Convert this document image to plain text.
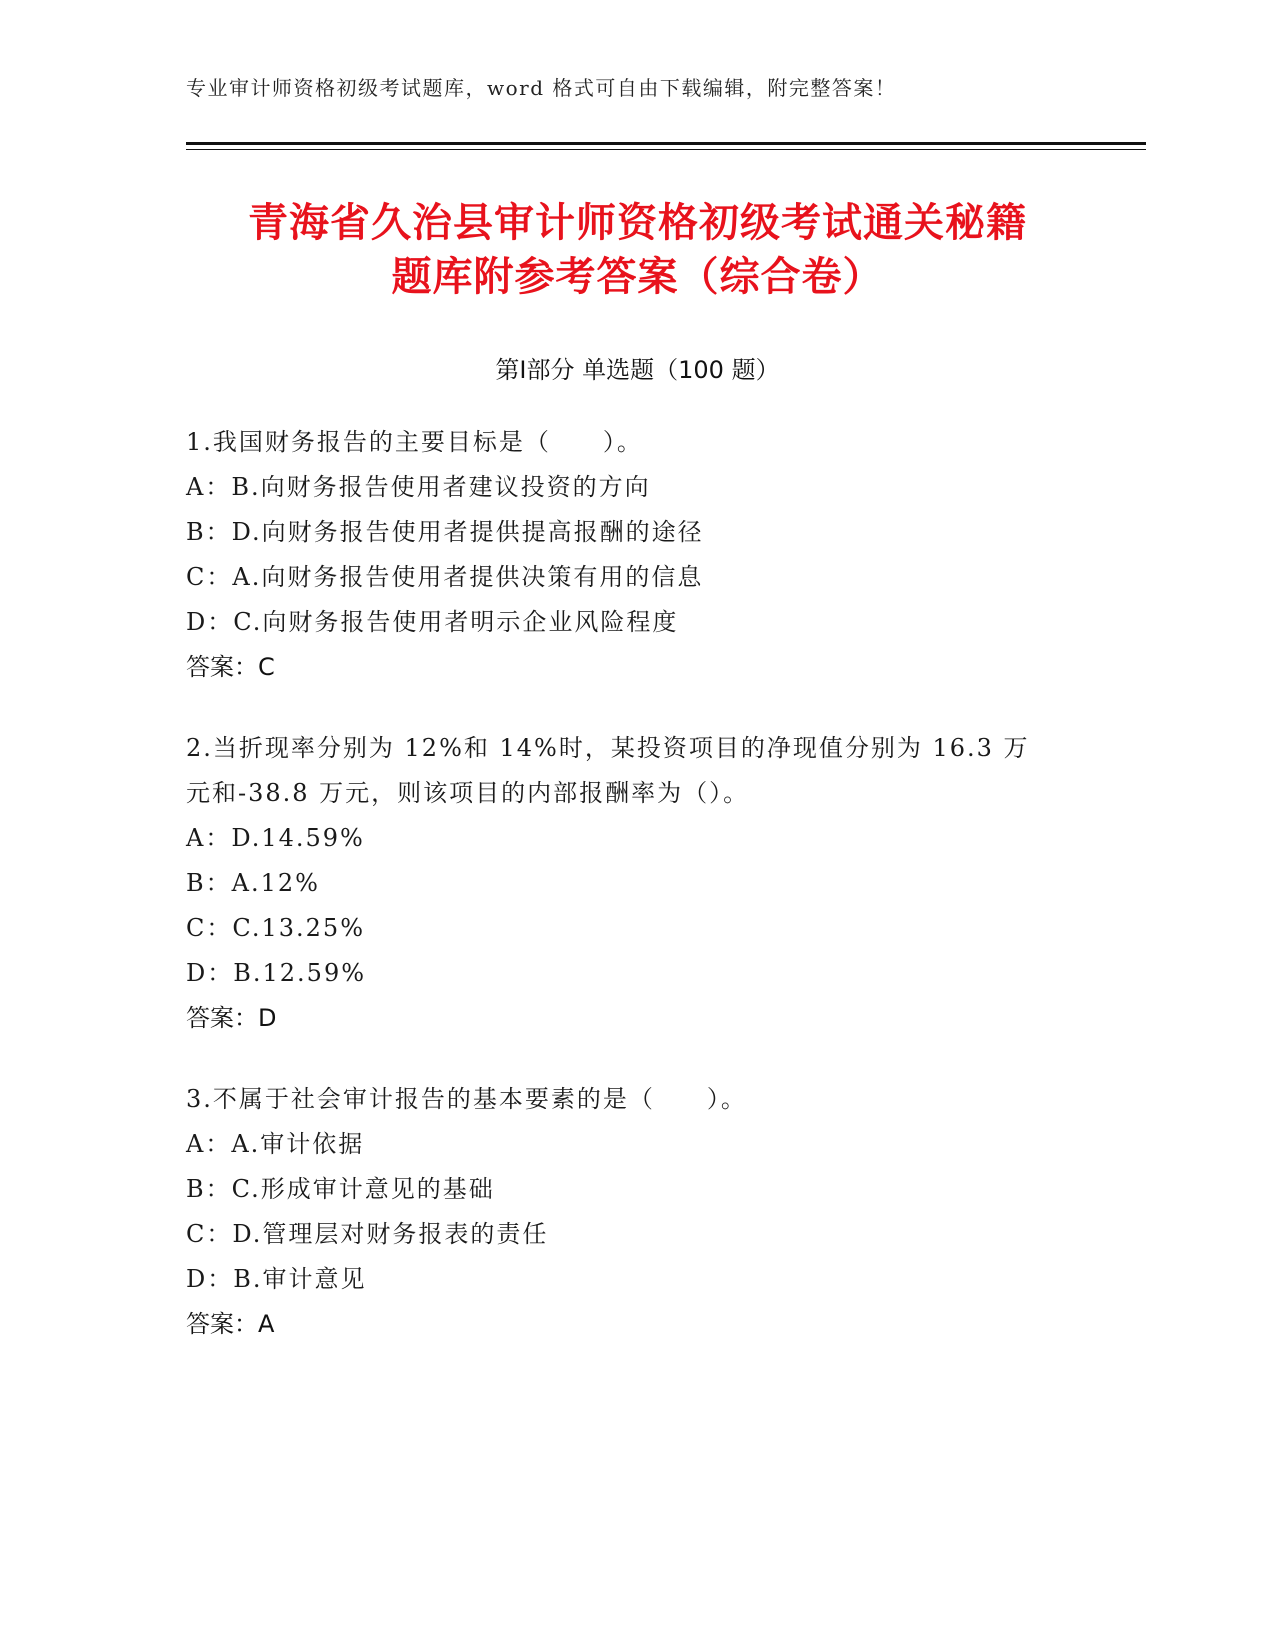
专业审计师资格初级考试题库，word 格式可自由下载编辑，附完整答案！
青海省久治县审计师资格初级考试通关秘籍
题库附参考答案（综合卷）
第Ⅰ部分 单选题（100 题）
1.我国财务报告的主要目标是（　　）。
A：B.向财务报告使用者建议投资的方向
B：D.向财务报告使用者提供提高报酬的途径
C：A.向财务报告使用者提供决策有用的信息
D：C.向财务报告使用者明示企业风险程度
答案：C
2.当折现率分别为 12%和 14%时，某投资项目的净现值分别为 16.3 万
元和-38.8 万元，则该项目的内部报酬率为（）。
A：D.14.59%
B：A.12%
C：C.13.25%
D：B.12.59%
答案：D
3.不属于社会审计报告的基本要素的是（　　）。
A：A.审计依据
B：C.形成审计意见的基础
C：D.管理层对财务报表的责任
D：B.审计意见
答案：A
